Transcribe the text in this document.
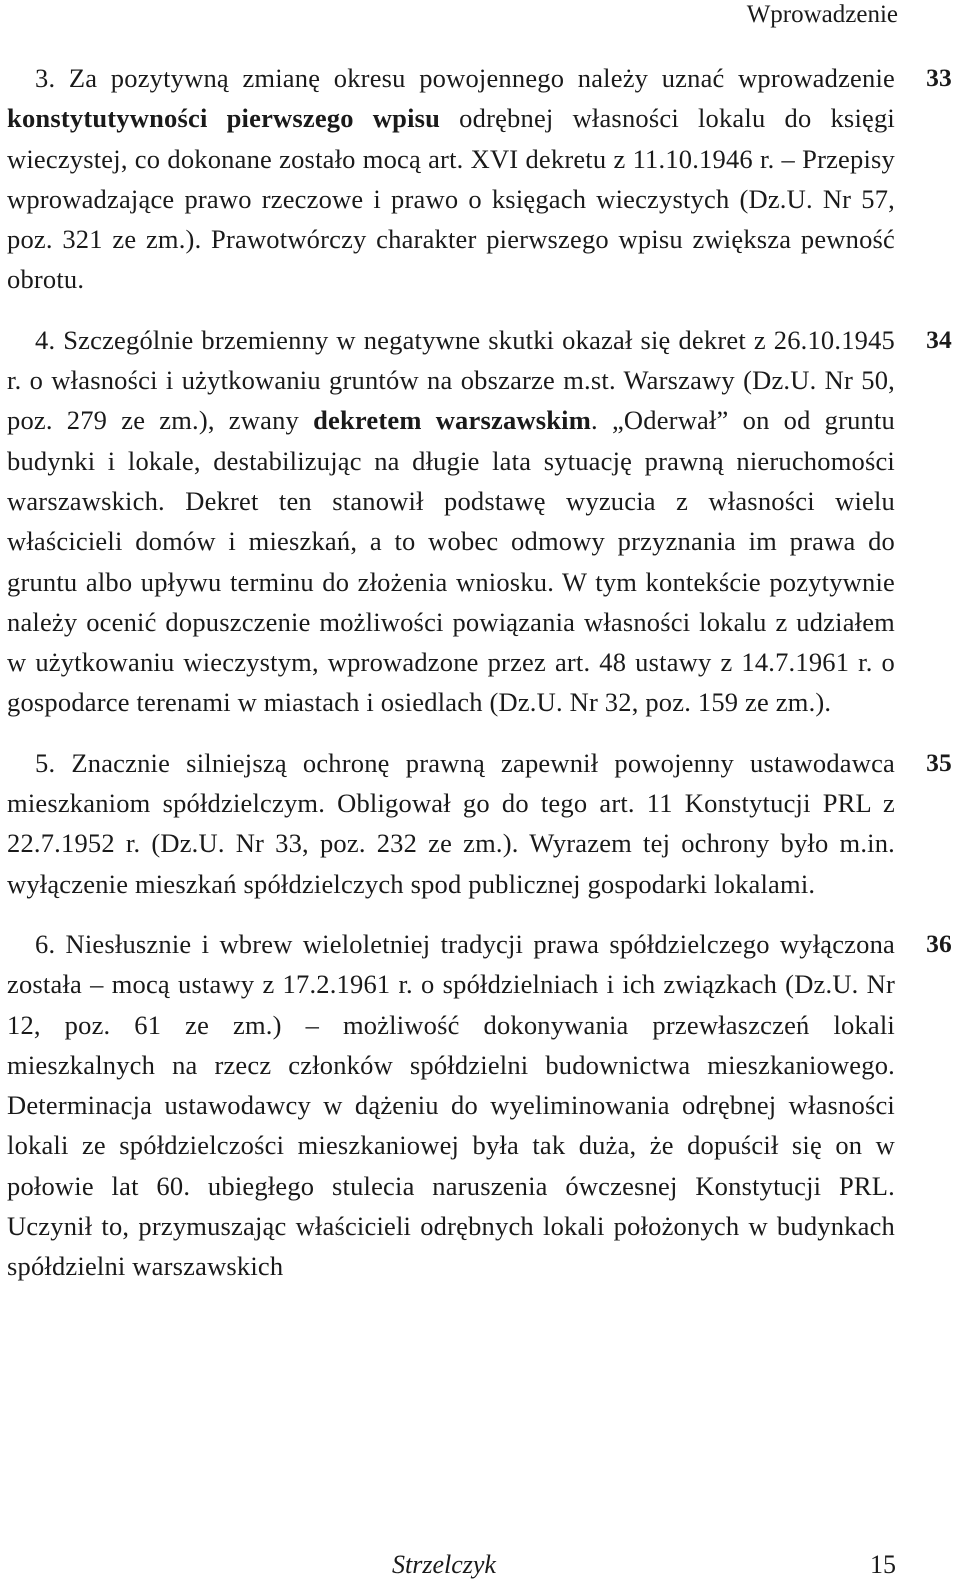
Wprowadzenie

3. Za pozytywną zmianę okresu powojennego należy uznać wprowadzenie konstytutywności pierwszego wpisu odrębnej własności lokalu do księgi wieczystej, co dokonane zostało mocą art. XVI dekretu z 11.10.1946 r. – Przepisy wprowadzające prawo rzeczowe i prawo o księgach wieczystych (Dz.U. Nr 57, poz. 321 ze zm.). Prawotwórczy charakter pierwszego wpisu zwiększa pewność obrotu.

33

4. Szczególnie brzemienny w negatywne skutki okazał się dekret z 26.10.1945 r. o własności i użytkowaniu gruntów na obszarze m.st. Warszawy (Dz.U. Nr 50, poz. 279 ze zm.), zwany dekretem warszawskim. „Oderwał” on od gruntu budynki i lokale, destabilizując na długie lata sytuację prawną nieruchomości warszawskich. Dekret ten stanowił podstawę wyzucia z własności wielu właścicieli domów i mieszkań, a to wobec odmowy przyznania im prawa do gruntu albo upływu terminu do złożenia wniosku. W tym kontekście pozytywnie należy ocenić dopuszczenie możliwości powiązania własności lokalu z udziałem w użytkowaniu wieczystym, wprowadzone przez art. 48 ustawy z 14.7.1961 r. o gospodarce terenami w miastach i osiedlach (Dz.U. Nr 32, poz. 159 ze zm.).

34

5. Znacznie silniejszą ochronę prawną zapewnił powojenny ustawodawca mieszkaniom spółdzielczym. Obligował go do tego art. 11 Konstytucji PRL z 22.7.1952 r. (Dz.U. Nr 33, poz. 232 ze zm.). Wyrazem tej ochrony było m.in. wyłączenie mieszkań spółdzielczych spod publicznej gospodarki lokalami.

35

6. Niesłusznie i wbrew wieloletniej tradycji prawa spółdzielczego wyłączona została – mocą ustawy z 17.2.1961 r. o spółdzielniach i ich związkach (Dz.U. Nr 12, poz. 61 ze zm.) – możliwość dokonywania przewłaszczeń lokali mieszkalnych na rzecz członków spółdzielni budownictwa mieszkaniowego. Determinacja ustawodawcy w dążeniu do wyeliminowania odrębnej własności lokali ze spółdzielczości mieszkaniowej była tak duża, że dopuścił się on w połowie lat 60. ubiegłego stulecia naruszenia ówczesnej Konstytucji PRL. Uczynił to, przymuszając właścicieli odrębnych lokali położonych w budynkach spółdzielni warszawskich

36
Strzelczyk	15
